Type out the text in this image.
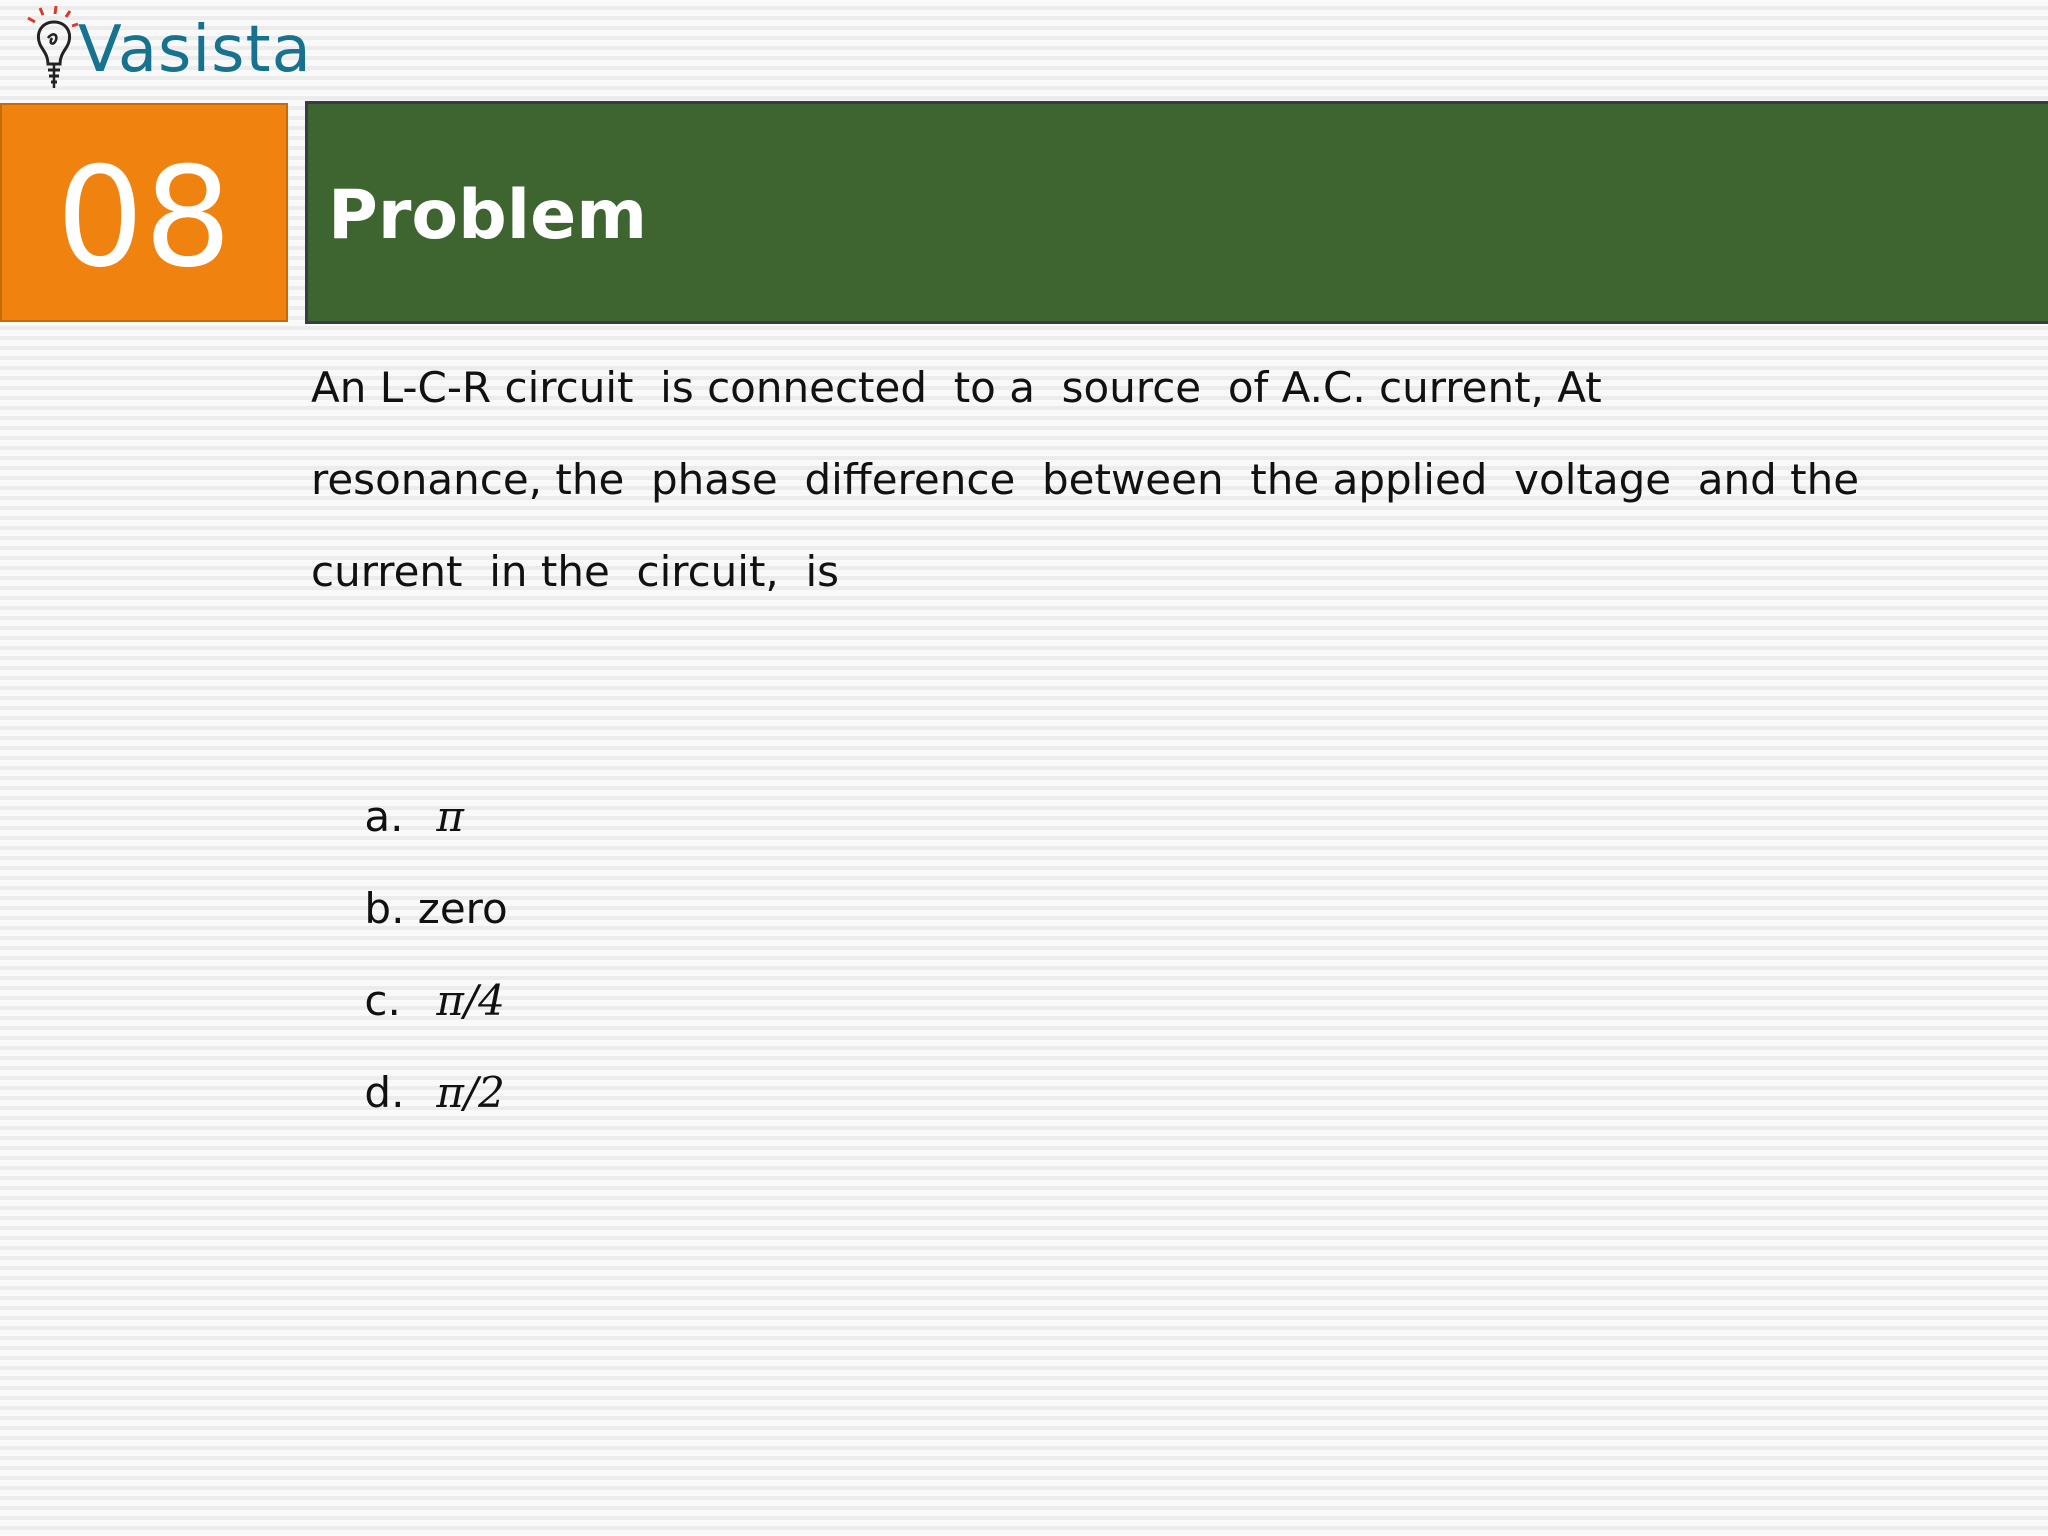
Vasista
08	Problem
An L-C-R circuit  is connected  to a  source  of A.C. current, At
resonance, the  phase  difference  between  the applied  voltage  and the
current  in the  circuit,  is

a. π

b. zero

c. π/4

d. π/2
